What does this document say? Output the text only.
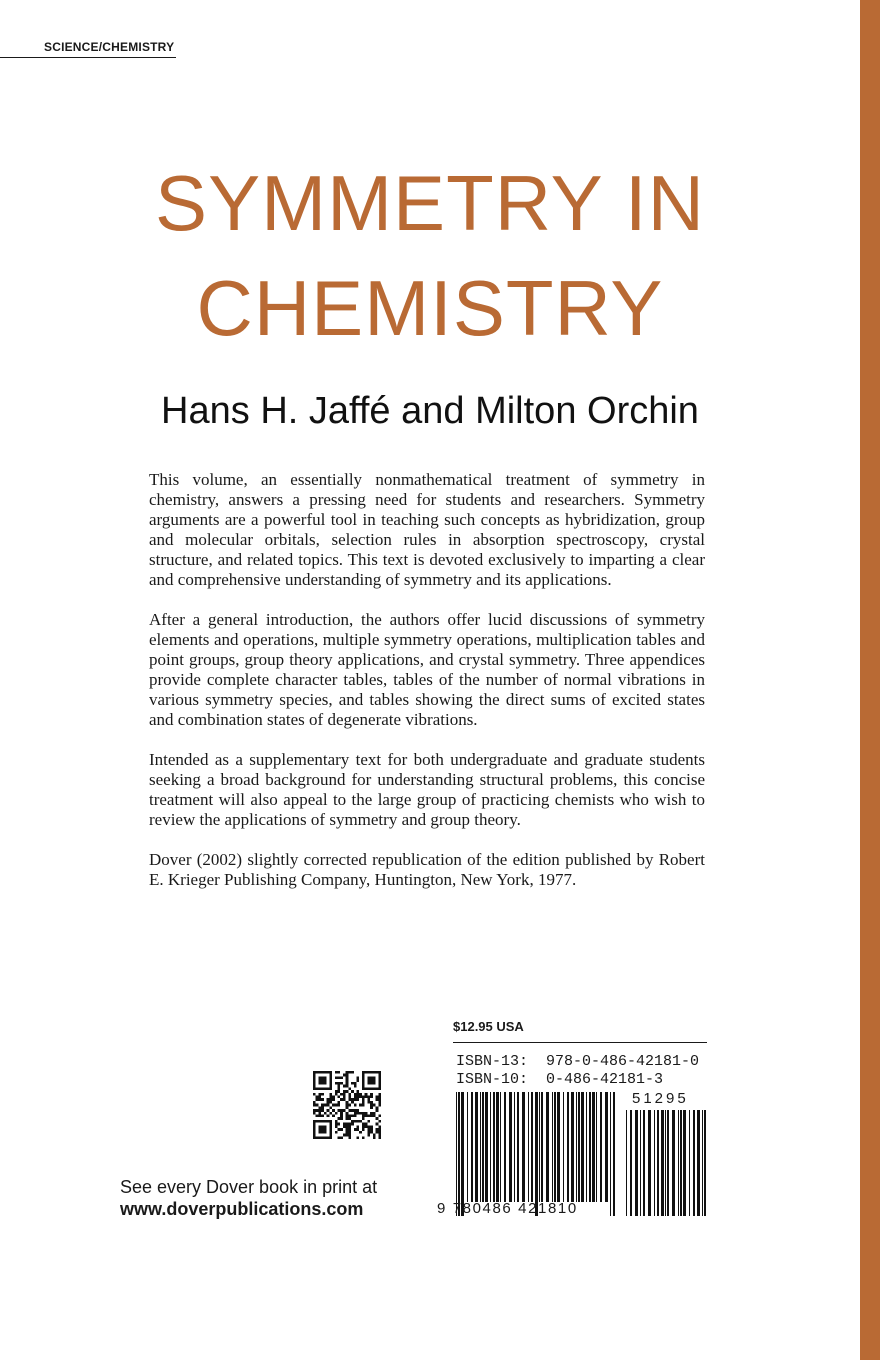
SCIENCE/CHEMISTRY
SYMMETRY IN
CHEMISTRY
Hans H. Jaffé and Milton Orchin

This volume, an essentially nonmathematical treatment of symmetry in chemistry, answers a pressing need for students and researchers. Symmetry arguments are a powerful tool in teaching such concepts as hybridization, group and molecular orbitals, selection rules in absorption spectroscopy, crystal structure, and related topics. This text is devoted exclusively to imparting a clear and comprehensive understanding of symmetry and its applications.

After a general introduction, the authors offer lucid discussions of symmetry elements and operations, multiple symmetry operations, multiplication tables and point groups, group theory applications, and crystal symmetry. Three appendices provide complete character tables, tables of the number of normal vibrations in various symmetry species, and tables showing the direct sums of excited states and combination states of degenerate vibrations.

Intended as a supplementary text for both undergraduate and graduate students seeking a broad background for understanding structural problems, this concise treatment will also appeal to the large group of practicing chemists who wish to review the applications of symmetry and group theory.

Dover (2002) slightly corrected republication of the edition published by Robert E. Krieger Publishing Company, Huntington, New York, 1977.

$12.95 USA
ISBN-13:  978-0-486-42181-0
ISBN-10:  0-486-42181-3
9 780486 421810
51295
See every Dover book in print at
www.doverpublications.com
